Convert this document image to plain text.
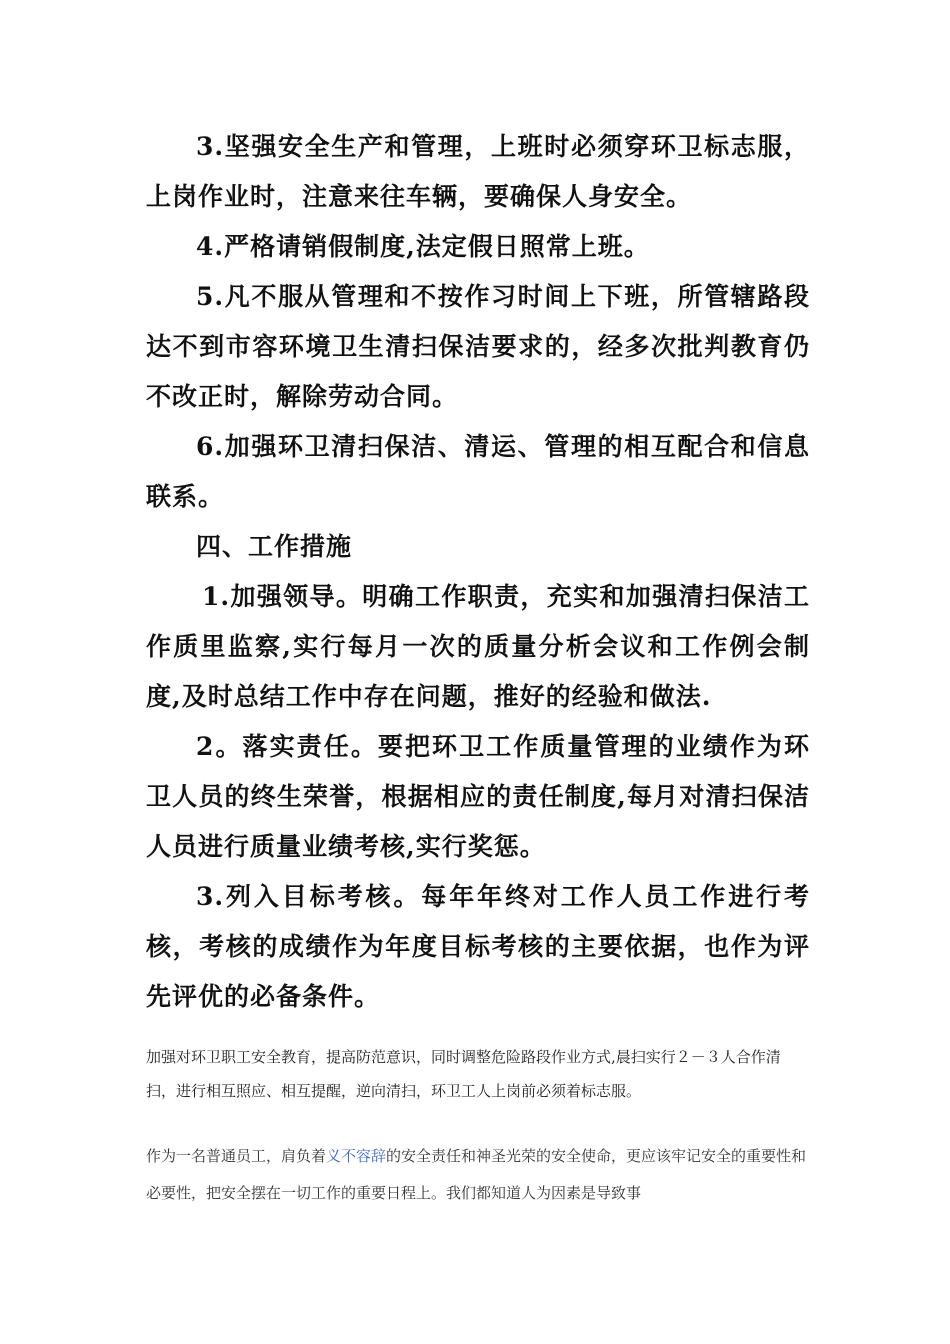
3.坚强安全生产和管理，上班时必须穿环卫标志服，上岗作业时，注意来往车辆，要确保人身安全。

4.严格请销假制度,法定假日照常上班。

5.凡不服从管理和不按作习时间上下班，所管辖路段达不到市容环境卫生清扫保洁要求的，经多次批判教育仍不改正时，解除劳动合同。

6.加强环卫清扫保洁、清运、管理的相互配合和信息联系。

四、工作措施

1.加强领导。明确工作职责，充实和加强清扫保洁工作质里监察,实行每月一次的质量分析会议和工作例会制度,及时总结工作中存在问题，推好的经验和做法.

2。落实责任。要把环卫工作质量管理的业绩作为环卫人员的终生荣誉，根据相应的责任制度,每月对清扫保洁人员进行质量业绩考核,实行奖惩。

3.列入目标考核。每年年终对工作人员工作进行考核，考核的成绩作为年度目标考核的主要依据，也作为评先评优的必备条件。

加强对环卫职工安全教育，提高防范意识，同时调整危险路段作业方式,晨扫实行２－３人合作清扫，进行相互照应、相互提醒，逆向清扫，环卫工人上岗前必须着标志服。

作为一名普通员工，肩负着义不容辞的安全责任和神圣光荣的安全使命，更应该牢记安全的重要性和必要性，把安全摆在一切工作的重要日程上。我们都知道人为因素是导致事
